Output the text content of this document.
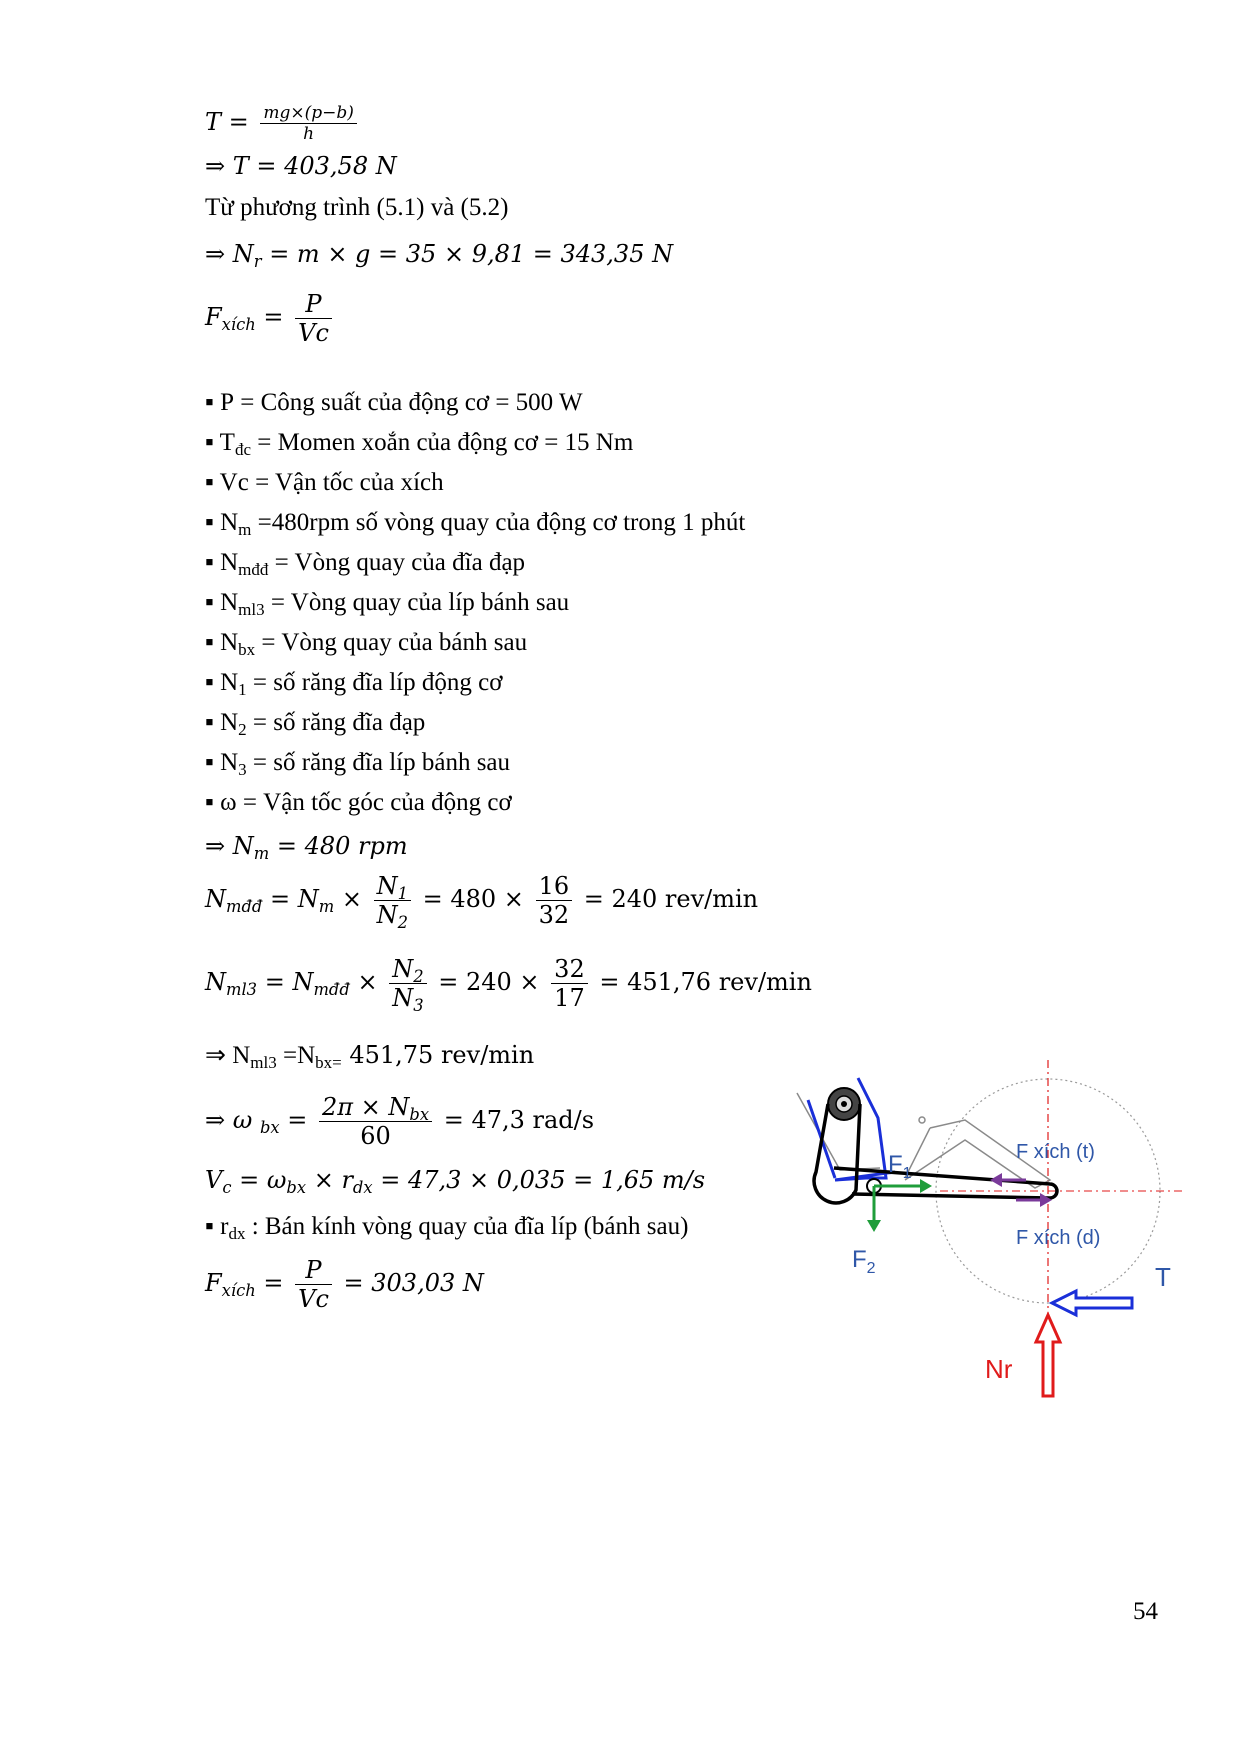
$T = \frac{mg\times(p-b)}{h}$
⇒ T = 403,58 N
Từ phương trình (5.1) và (5.2)
⇒ $N_r = m \times g = 35 \times 9,81 = 343,35$ N
$F_{xích} = \frac{P}{Vc}$
▪ P = Công suất của động cơ = 500 W
▪ $T_{đc}$ = Momen xoắn của động cơ = 15 Nm
▪ Vc = Vận tốc của xích
▪ $N_m =480rpm$ số vòng quay của động cơ trong 1 phút
▪ $N_{mđđ}$ = Vòng quay của đĩa đạp
▪ $N_{ml3}$ = Vòng quay của líp bánh sau
▪ $N_{bx}$ = Vòng quay của bánh sau
▪ $N_1$ = số răng đĩa líp động cơ
▪ $N_2$ = số răng đĩa đạp
▪ $N_3$ = số răng đĩa líp bánh sau
▪ ω = Vận tốc góc của động cơ
⇒ $N_m = 480$ rpm
$N_{mđđ} = N_m \times \frac{N_1}{N_2} = 480 \times \frac{16}{32} = 240$ rev/min
$N_{ml3} = N_{mđđ} \times \frac{N_2}{N_3} = 240 \times \frac{32}{17} = 451,76$ rev/min
⇒ $N_{ml3} =N_{bx=}$ 451,75 rev/min
⇒ ω $_{bx} = \frac{2\pi \times N_{bx}}{60} = 47,3$ rad/s
$V_c = \omega_{bx} \times r_{dx} = 47,3 \times 0,035 = 1,65$ m/s
▪ $r_{dx}$ : Bán kính vòng quay của đĩa líp (bánh sau)
$F_{xích} = \frac{P}{Vc} = 303,03$ N
$F_1$
$F_2$
F xích (t)
F xích (d)
T
Nr
54
